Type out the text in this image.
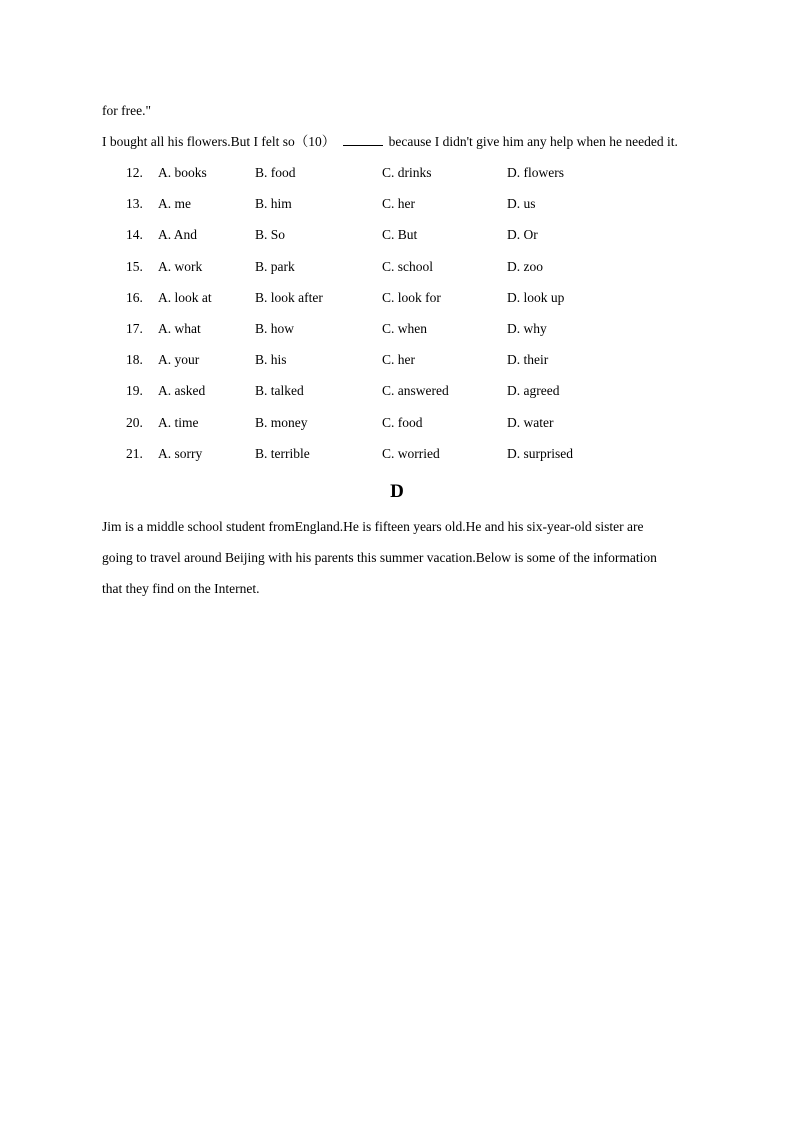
for free."
I bought all his flowers.But I felt so（10）	because I didn't give him any help when he needed it.
12. A. books	B. food	C. drinks	D. flowers
13. A. me	B. him	C. her	D. us
14. A. And	B. So	C. But	D. Or
15. A. work	B. park	C. school	D. zoo
16. A. look at	B. look after	C. look for	D. look up
17. A. what	B. how	C. when	D. why
18. A. your	B. his	C. her	D. their
19. A. asked	B. talked	C. answered	D. agreed
20. A. time	B. money	C. food	D. water
21. A. sorry	B. terrible	C. worried	D. surprised
D
Jim is a middle school student fromEngland.He is fifteen years old.He and his six-year-old sister are
going to travel around Beijing with his parents this summer vacation.Below is some of the information
that they find on the Internet.
